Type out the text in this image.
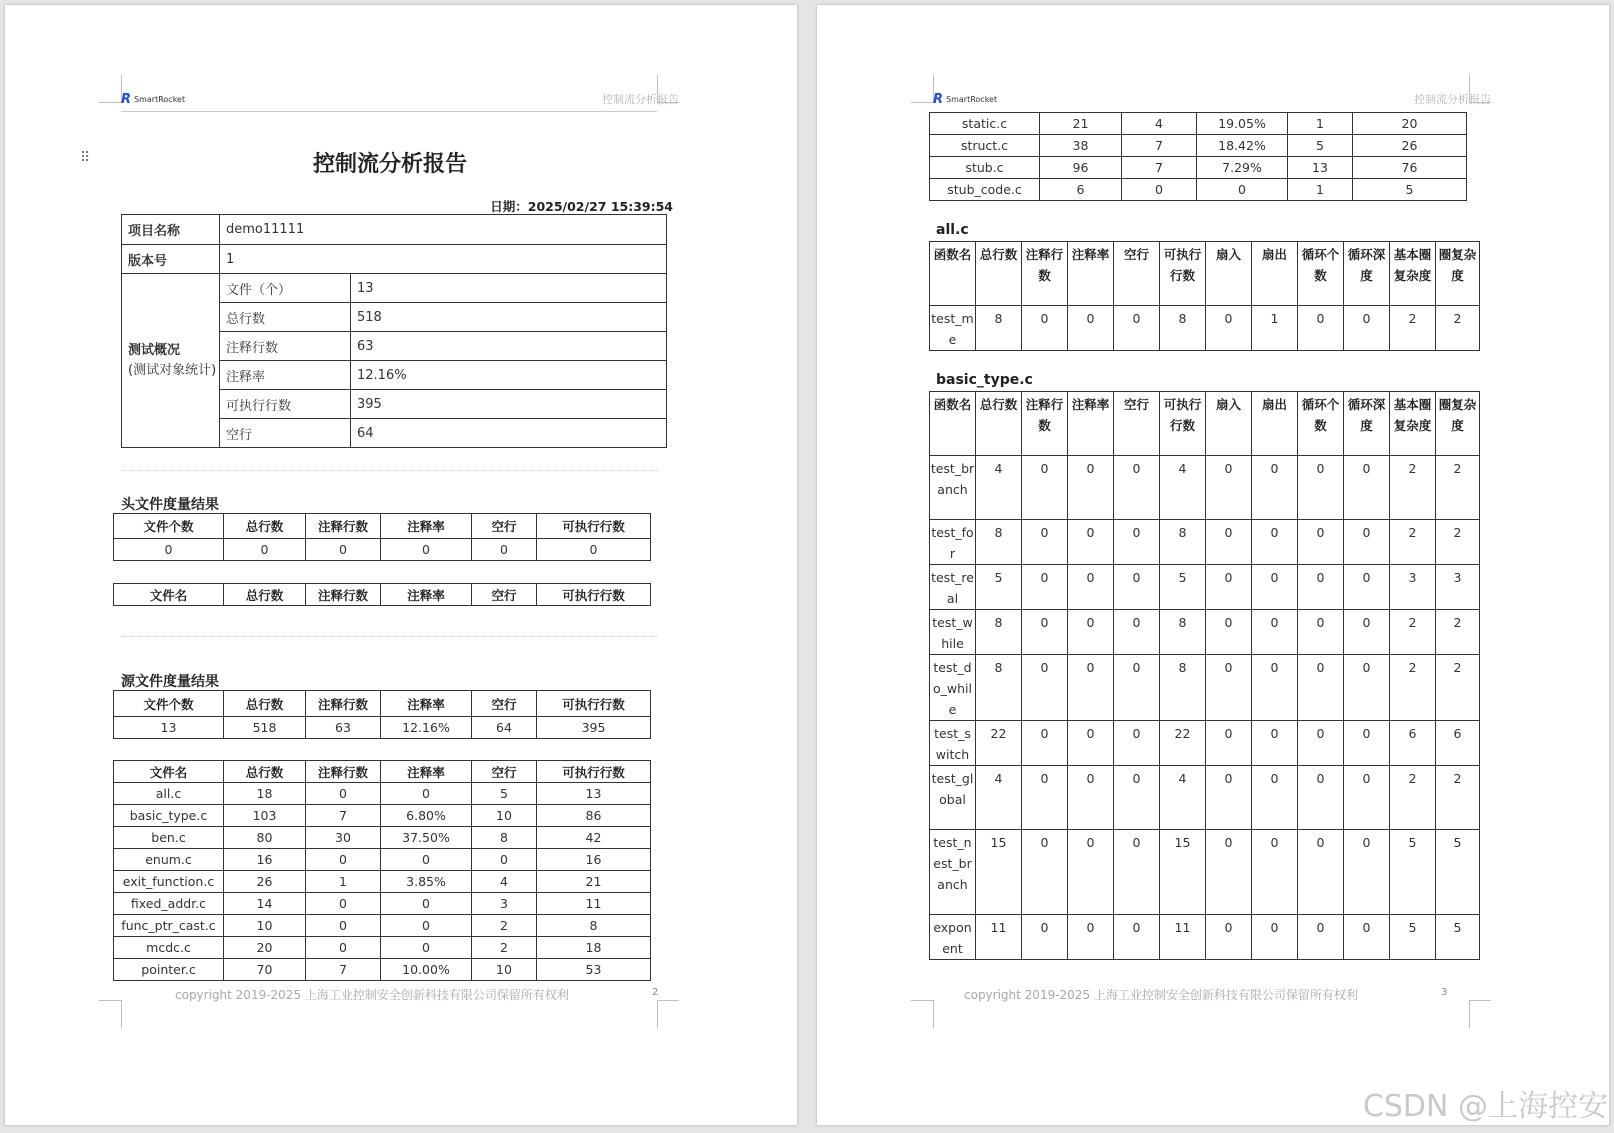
R SmartRocket	控制流分析报告
⠿	控制流分析报告
日期：2025/02/27 15:39:54
项目名称	demo11111	
版本号	1	

测试概况
(测试对象统计)	文件（个）	13
	总行数	518
	注释行数	63
	注释率	12.16%
	可执行行数	395
	空行	64
头文件度量结果
文件个数	总行数	注释行数	注释率	空行	可执行行数
0	0	0	0	0	0
文件名	总行数	注释行数	注释率	空行	可执行行数
源文件度量结果
文件个数	总行数	注释行数	注释率	空行	可执行行数
13	518	63	12.16%	64	395
文件名	总行数	注释行数	注释率	空行	可执行行数
all.c	18	0	0	5	13
basic_type.c	103	7	6.80%	10	86
ben.c	80	30	37.50%	8	42
enum.c	16	0	0	0	16
exit_function.c	26	1	3.85%	4	21
fixed_addr.c	14	0	0	3	11
func_ptr_cast.c	10	0	0	2	8
mcdc.c	20	0	0	2	18
pointer.c	70	7	10.00%	10	53
copyright 2019-2025 上海工业控制安全创新科技有限公司保留所有权利	2
R SmartRocket	控制流分析报告
static.c	21	4	19.05%	1	20
struct.c	38	7	18.42%	5	26
stub.c	96	7	7.29%	13	76
stub_code.c	6	0	0	1	5
all.c
函数名	总行数	注释行数	注释率	空行	可执行行数	扇入	扇出	循环个数	循环深度	基本圈复杂度	圈复杂度
test_me	8	0	0	0	8	0	1	0	0	2	2
basic_type.c
函数名	总行数	注释行数	注释率	空行	可执行行数	扇入	扇出	循环个数	循环深度	基本圈复杂度	圈复杂度
test_branch	4	0	0	0	4	0	0	0	0	2	2
test_for	8	0	0	0	8	0	0	0	0	2	2
test_real	5	0	0	0	5	0	0	0	0	3	3
test_while	8	0	0	0	8	0	0	0	0	2	2
test_do_while	8	0	0	0	8	0	0	0	0	2	2
test_switch	22	0	0	0	22	0	0	0	0	6	6
test_global	4	0	0	0	4	0	0	0	0	2	2
test_nest_branch	15	0	0	0	15	0	0	0	0	5	5
exponent	11	0	0	0	11	0	0	0	0	5	5
copyright 2019-2025 上海工业控制安全创新科技有限公司保留所有权利	3
CSDN @上海控安
